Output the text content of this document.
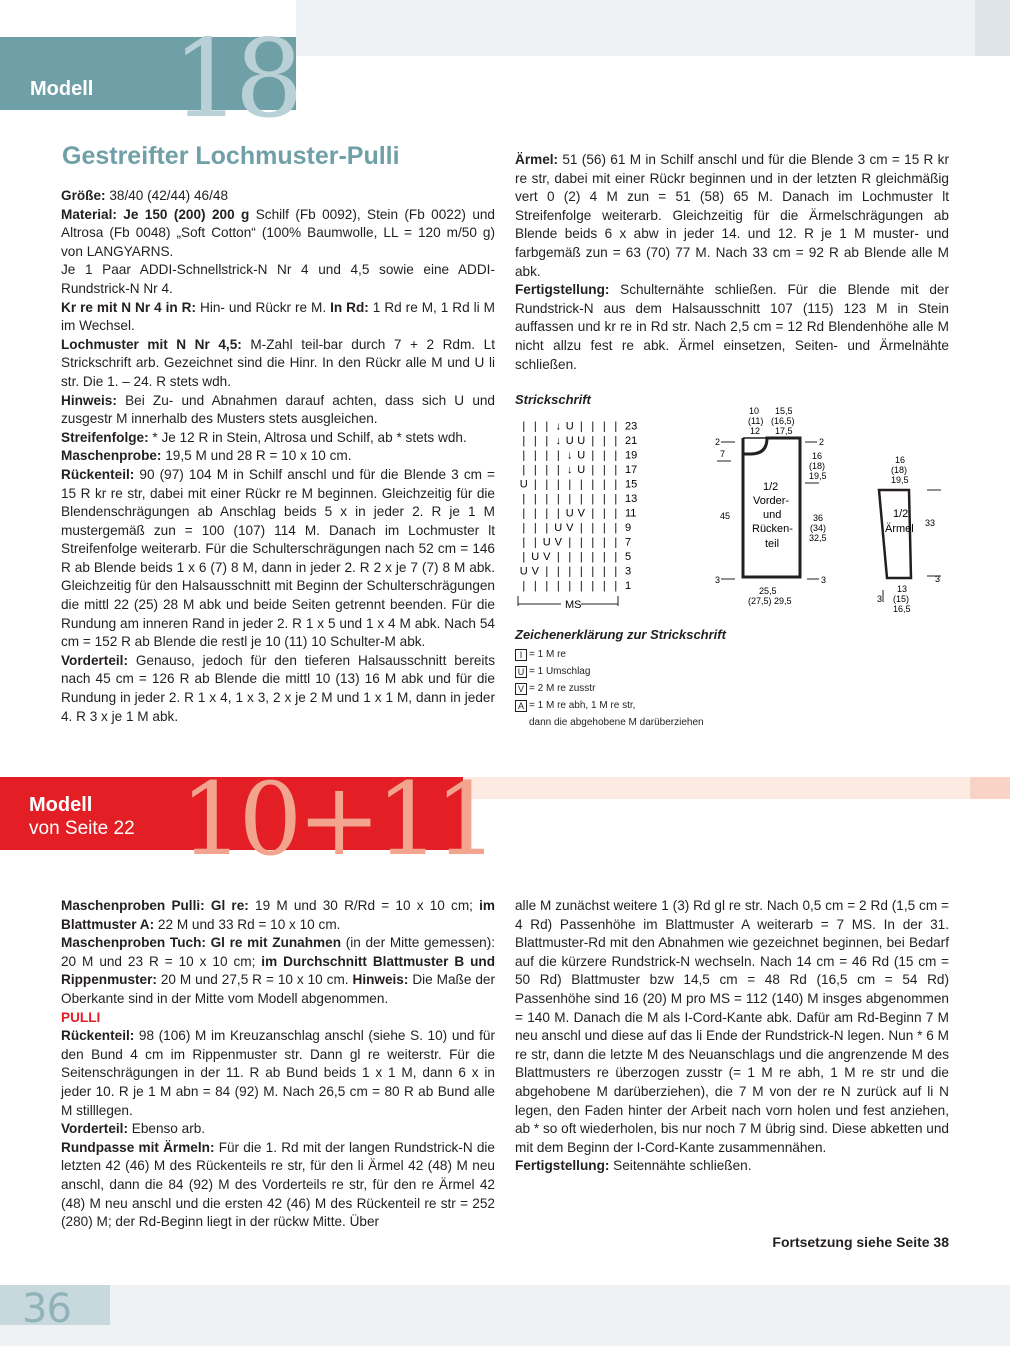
Modell 18
Gestreifter Lochmuster-Pulli

Größe: 38/40 (42/44) 46/48

Material: Je 150 (200) 200 g Schilf (Fb 0092), Stein (Fb 0022) und Altrosa (Fb 0048) „Soft Cotton“ (100% Baumwolle, LL = 120 m/50 g) von LANGYARNS.

Je 1 Paar ADDI-Schnellstrick-N Nr 4 und 4,5 sowie eine ADDI-Rundstrick-N Nr 4.

Kr re mit N Nr 4 in R: Hin- und Rückr re M. In Rd: 1 Rd re M, 1 Rd li M im Wechsel.

Lochmuster mit N Nr 4,5: M-Zahl teil-bar durch 7 + 2 Rdm. Lt Strickschrift arb. Gezeichnet sind die Hinr. In den Rückr alle M und U li str. Die 1. – 24. R stets wdh.

Hinweis: Bei Zu- und Abnahmen darauf achten, dass sich U und zusgestr M innerhalb des Musters stets ausgleichen.

Streifenfolge: * Je 12 R in Stein, Altrosa und Schilf, ab * stets wdh.

Maschenprobe: 19,5 M und 28 R = 10 x 10 cm.

Rückenteil: 90 (97) 104 M in Schilf anschl und für die Blende 3 cm = 15 R kr re str, dabei mit einer Rückr re M beginnen. Gleichzeitig für die Blendenschrägungen ab Anschlag beids 5 x in jeder 2. R je 1 M mustergemäß zun = 100 (107) 114 M. Danach im Lochmuster lt Streifenfolge weiterarb. Für die Schulterschrägungen nach 52 cm = 146 R ab Blende beids 1 x 6 (7) 8 M, dann in jeder 2. R 2 x je 7 (7) 8 M abk. Gleichzeitig für den Halsausschnitt mit Beginn der Schulterschrägungen die mittl 22 (25) 28 M abk und beide Seiten getrennt beenden. Für die Rundung am inneren Rand in jeder 2. R 1 x 5 und 1 x 4 M abk. Nach 54 cm = 152 R ab Blende die restl je 10 (11) 10 Schulter-M abk.

Vorderteil: Genauso, jedoch für den tieferen Halsausschnitt bereits nach 45 cm = 126 R ab Blende die mittl 10 (13) 16 M abk und für die Rundung in jeder 2. R 1 x 4, 1 x 3, 2 x je 2 M und 1 x 1 M, dann in jeder 4. R 3 x je 1 M abk.

Ärmel: 51 (56) 61 M in Schilf anschl und für die Blende 3 cm = 15 R kr re str, dabei mit einer Rückr beginnen und in der letzten R gleichmäßig vert 0 (2) 4 M zun = 51 (58) 65 M. Danach im Lochmuster lt Streifenfolge weiterarb. Gleichzeitig für die Ärmelschrägungen ab Blende beids 6 x abw in jeder 14. und 12. R je 1 M muster- und farbgemäß zun = 63 (70) 77 M. Nach 33 cm = 92 R ab Blende alle M abk.

Fertigstellung: Schulternähte schließen. Für die Blende mit der Rundstrick-N aus dem Halsausschnitt 107 (115) 123 M in Stein auffassen und kr re in Rd str. Nach 2,5 cm = 12 Rd Blendenhöhe alle M nicht allzu fest re abk. Ärmel einsetzen, Seiten- und Ärmelnähte schließen.

Strickschrift
| | | ↓ U | | | |
| | | ↓ U U | | |
| | | | ↓ U | | |
| | | | ↓ U | | |
U | | | | | | | |
| | | | | | | | |
| | | | U V | | |
| | | U V | | | |
| | U V | | | | |
| U V | | | | | |
U V | | | | | | |
| | | | | | | | |
23
21
19
17
15
13
11
9
7
5
3
1
MS
Zeichenerklärung zur Strickschrift
I = 1 M re
U = 1 Umschlag
V = 2 M re zusstr
A = 1 M re abh, 1 M re str,
dann die abgehobene M darüberziehen
10
(11)
12
15,5
(16,5)
17,5
2
7
2
16
(18)
19,5
45
1/2
Vorder-
und
Rücken-
teil
36
(34)
32,5
3	3
25,5
(27,5) 29,5
16
(18)
19,5
1/2
Ärmel 33
3
3
13
(15)
16,5
Modell
von Seite 22 10+11

Maschenproben Pulli: Gl re: 19 M und 30 R/Rd = 10 x 10 cm; im Blattmuster A: 22 M und 33 Rd = 10 x 10 cm.

Maschenproben Tuch: Gl re mit Zunahmen (in der Mitte gemessen): 20 M und 23 R = 10 x 10 cm; im Durchschnitt Blattmuster B und Rippenmuster: 20 M und 27,5 R = 10 x 10 cm. Hinweis: Die Maße der Oberkante sind in der Mitte vom Modell abgenommen.

PULLI

Rückenteil: 98 (106) M im Kreuzanschlag anschl (siehe S. 10) und für den Bund 4 cm im Rippenmuster str. Dann gl re weiterstr. Für die Seitenschrägungen in der 11. R ab Bund beids 1 x 1 M, dann 6 x in jeder 10. R je 1 M abn = 84 (92) M. Nach 26,5 cm = 80 R ab Bund alle M stilllegen.

Vorderteil: Ebenso arb.

Rundpasse mit Ärmeln: Für die 1. Rd mit der langen Rundstrick-N die letzten 42 (46) M des Rückenteils re str, für den li Ärmel 42 (48) M neu anschl, dann die 84 (92) M des Vorderteils re str, für den re Ärmel 42 (48) M neu anschl und die ersten 42 (46) M des Rückenteil re str = 252 (280) M; der Rd-Beginn liegt in der rückw Mitte. Über

alle M zunächst weitere 1 (3) Rd gl re str. Nach 0,5 cm = 2 Rd (1,5 cm = 4 Rd) Passenhöhe im Blattmuster A weiterarb = 7 MS. In der 31. Blattmuster-Rd mit den Abnahmen wie gezeichnet beginnen, bei Bedarf auf die kürzere Rundstrick-N wechseln. Nach 14 cm = 46 Rd (15 cm = 50 Rd) Blattmuster bzw 14,5 cm = 48 Rd (16,5 cm = 54 Rd) Passenhöhe sind 16 (20) M pro MS = 112 (140) M insges abgenommen = 140 M. Danach die M als I-Cord-Kante abk. Dafür am Rd-Beginn 7 M neu anschl und diese auf das li Ende der Rundstrick-N legen. Nun * 6 M re str, dann die letzte M des Neuanschlags und die angrenzende M des Blattmusters re überzogen zusstr (= 1 M re abh, 1 M re str und die abgehobene M darüberziehen), die 7 M von der re N zurück auf li N legen, den Faden hinter der Arbeit nach vorn holen und fest anziehen, ab * so oft wiederholen, bis nur noch 7 M übrig sind. Diese abketten und mit dem Beginn der I-Cord-Kante zusammennähen.

Fertigstellung: Seitennähte schließen.

Fortsetzung siehe Seite 38
36
